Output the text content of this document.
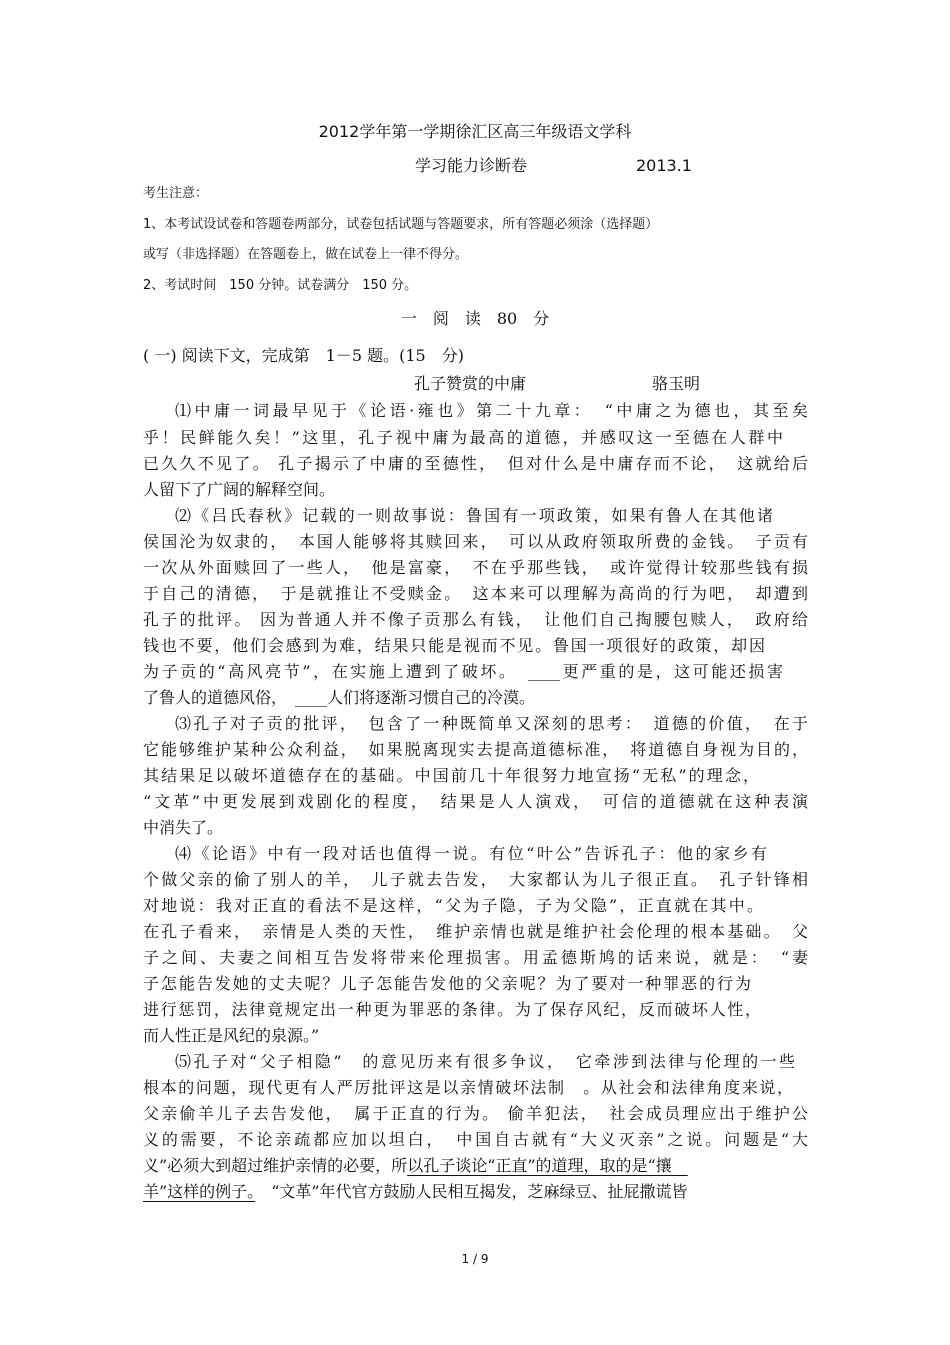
2012学年第一学期徐汇区高三年级语文学科
学习能力诊断卷	2013.1
考生注意：
1、本考试设试卷和答题卷两部分，试卷包括试题与答题要求，所有答题必须涂（选择题）
或写（非选择题）在答题卷上，做在试卷上一律不得分。
2、考试时间　150 分钟。试卷满分　150 分。
一　阅　读　80　分
( 一) 阅读下文，完成第　1－5 题。(15　分)
孔子赞赏的中庸	骆玉明
⑴中庸一词最早见于《论语·雍也》第二十九章：　“中庸之为德也，其至矣
乎！民鲜能久矣！”这里，孔子视中庸为最高的道德，并感叹这一至德在人群中
已久久不见了。 孔子揭示了中庸的至德性，　但对什么是中庸存而不论，　这就给后
人留下了广阔的解释空间。
⑵《吕氏春秋》记载的一则故事说：鲁国有一项政策，如果有鲁人在其他诸
侯国沦为奴隶的，　本国人能够将其赎回来，　可以从政府领取所费的金钱。　子贡有
一次从外面赎回了一些人，　他是富豪，　不在乎那些钱，　或许觉得计较那些钱有损
于自己的清德，　于是就推让不受赎金。　这本来可以理解为高尚的行为吧，　却遭到
孔子的批评。 因为普通人并不像子贡那么有钱，　让他们自己掏腰包赎人，　政府给
钱也不要，他们会感到为难，结果只能是视而不见。鲁国一项很好的政策，却因
为子贡的“高风亮节”，在实施上遭到了破坏。　____更严重的是，这可能还损害
了鲁人的道德风俗，　____人们将逐渐习惯自己的冷漠。
⑶孔子对子贡的批评，　包含了一种既简单又深刻的思考：　道德的价值，　在于
它能够维护某种公众利益，　如果脱离现实去提高道德标准，　将道德自身视为目的，
其结果足以破坏道德存在的基础。中国前几十年很努力地宣扬“无私”的理念，
“文革”中更发展到戏剧化的程度，　结果是人人演戏，　可信的道德就在这种表演
中消失了。
⑷《论语》中有一段对话也值得一说。有位“叶公”告诉孔子：他的家乡有
个做父亲的偷了别人的羊，　儿子就去告发，　大家都认为儿子很正直。　孔子针锋相
对地说：我对正直的看法不是这样，“父为子隐，子为父隐”，正直就在其中。
在孔子看来，　亲情是人类的天性，　维护亲情也就是维护社会伦理的根本基础。　父
子之间、夫妻之间相互告发将带来伦理损害。用孟德斯鸠的话来说，就是：　“妻
子怎能告发她的丈夫呢？儿子怎能告发他的父亲呢？为了要对一种罪恶的行为
进行惩罚，法律竟规定出一种更为罪恶的条律。为了保存风纪，反而破坏人性，
而人性正是风纪的泉源。”
⑸孔子对“父子相隐”　的意见历来有很多争议，　它牵涉到法律与伦理的一些
根本的问题，现代更有人严厉批评这是以亲情破坏法制　。从社会和法律角度来说，
父亲偷羊儿子去告发他，　属于正直的行为。 偷羊犯法，　社会成员理应出于维护公
义的需要，不论亲疏都应加以坦白，　中国自古就有“大义灭亲”之说。问题是“大
义”必须大到超过维护亲情的必要，所以孔子谈论“正直”的道理，取的是“攘　
羊”这样的例子。　“文革”年代官方鼓励人民相互揭发，芝麻绿豆、扯屁撒谎皆
1 / 9
